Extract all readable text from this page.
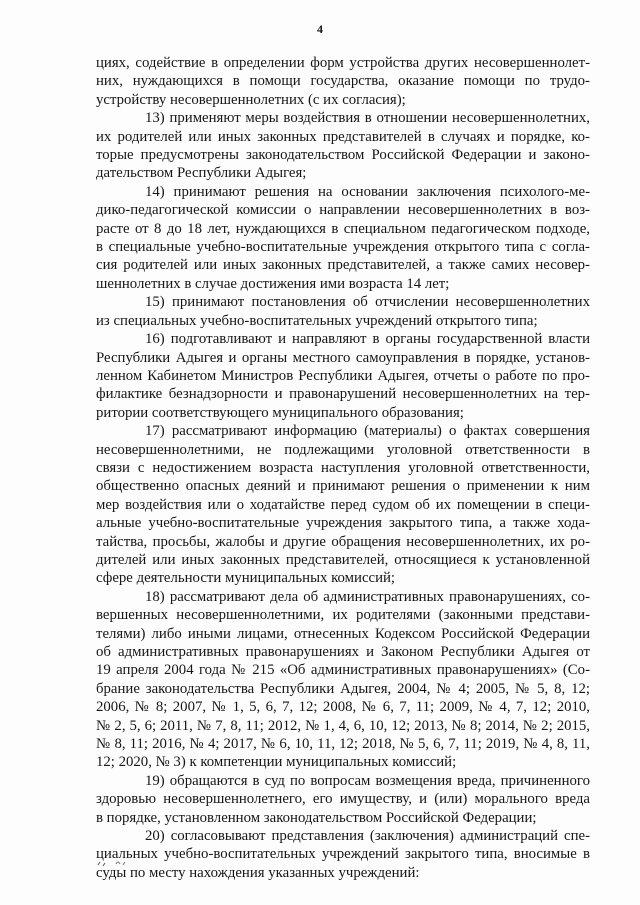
4
циях, содействие в определении форм устройства других несовершеннолет-
них, нуждающихся в помощи государства, оказание помощи по трудо-
устройству несовершеннолетних (с их согласия);
13) применяют меры воздействия в отношении несовершеннолетних,
их родителей или иных законных представителей в случаях и порядке, ко-
торые предусмотрены законодательством Российской Федерации и законо-
дательством Республики Адыгея;
14) принимают решения на основании заключения психолого-ме-
дико-педагогической комиссии о направлении несовершеннолетних в воз-
расте от 8 до 18 лет, нуждающихся в специальном педагогическом подходе,
в специальные учебно-воспитательные учреждения открытого типа с согла-
сия родителей или иных законных представителей, а также самих несовер-
шеннолетних в случае достижения ими возраста 14 лет;
15) принимают постановления об отчислении несовершеннолетних
из специальных учебно-воспитательных учреждений открытого типа;
16) подготавливают и направляют в органы государственной власти
Республики Адыгея и органы местного самоуправления в порядке, установ-
ленном Кабинетом Министров Республики Адыгея, отчеты о работе по про-
филактике безнадзорности и правонарушений несовершеннолетних на тер-
ритории соответствующего муниципального образования;
17) рассматривают информацию (материалы) о фактах совершения
несовершеннолетними, не подлежащими уголовной ответственности в
связи с недостижением возраста наступления уголовной ответственности,
общественно опасных деяний и принимают решения о применении к ним
мер воздействия или о ходатайстве перед судом об их помещении в специ-
альные учебно-воспитательные учреждения закрытого типа, а также хода-
тайства, просьбы, жалобы и другие обращения несовершеннолетних, их ро-
дителей или иных законных представителей, относящиеся к установленной
сфере деятельности муниципальных комиссий;
18) рассматривают дела об административных правонарушениях, со-
вершенных несовершеннолетними, их родителями (законными представи-
телями) либо иными лицами, отнесенных Кодексом Российской Федерации
об административных правонарушениях и Законом Республики Адыгея от
19 апреля 2004 года № 215 «Об административных правонарушениях» (Со-
брание законодательства Республики Адыгея, 2004, № 4; 2005, № 5, 8, 12;
2006, № 8; 2007, № 1, 5, 6, 7, 12; 2008, № 6, 7, 11; 2009, № 4, 7, 12; 2010,
№ 2, 5, 6; 2011, № 7, 8, 11; 2012, № 1, 4, 6, 10, 12; 2013, № 8; 2014, № 2; 2015,
№ 8, 11; 2016, № 4; 2017, № 6, 10, 11, 12; 2018, № 5, 6, 7, 11; 2019, № 4, 8, 11,
12; 2020, № 3) к компетенции муниципальных комиссий;
19) обращаются в суд по вопросам возмещения вреда, причиненного
здоровью несовершеннолетнего, его имуществу, и (или) морального вреда
в порядке, установленном законодательством Российской Федерации;
20) согласовывают представления (заключения) администраций спе-
циальных учебно-воспитательных учреждений закрытого типа, вносимые в
суды по месту нахождения указанных учреждений:
